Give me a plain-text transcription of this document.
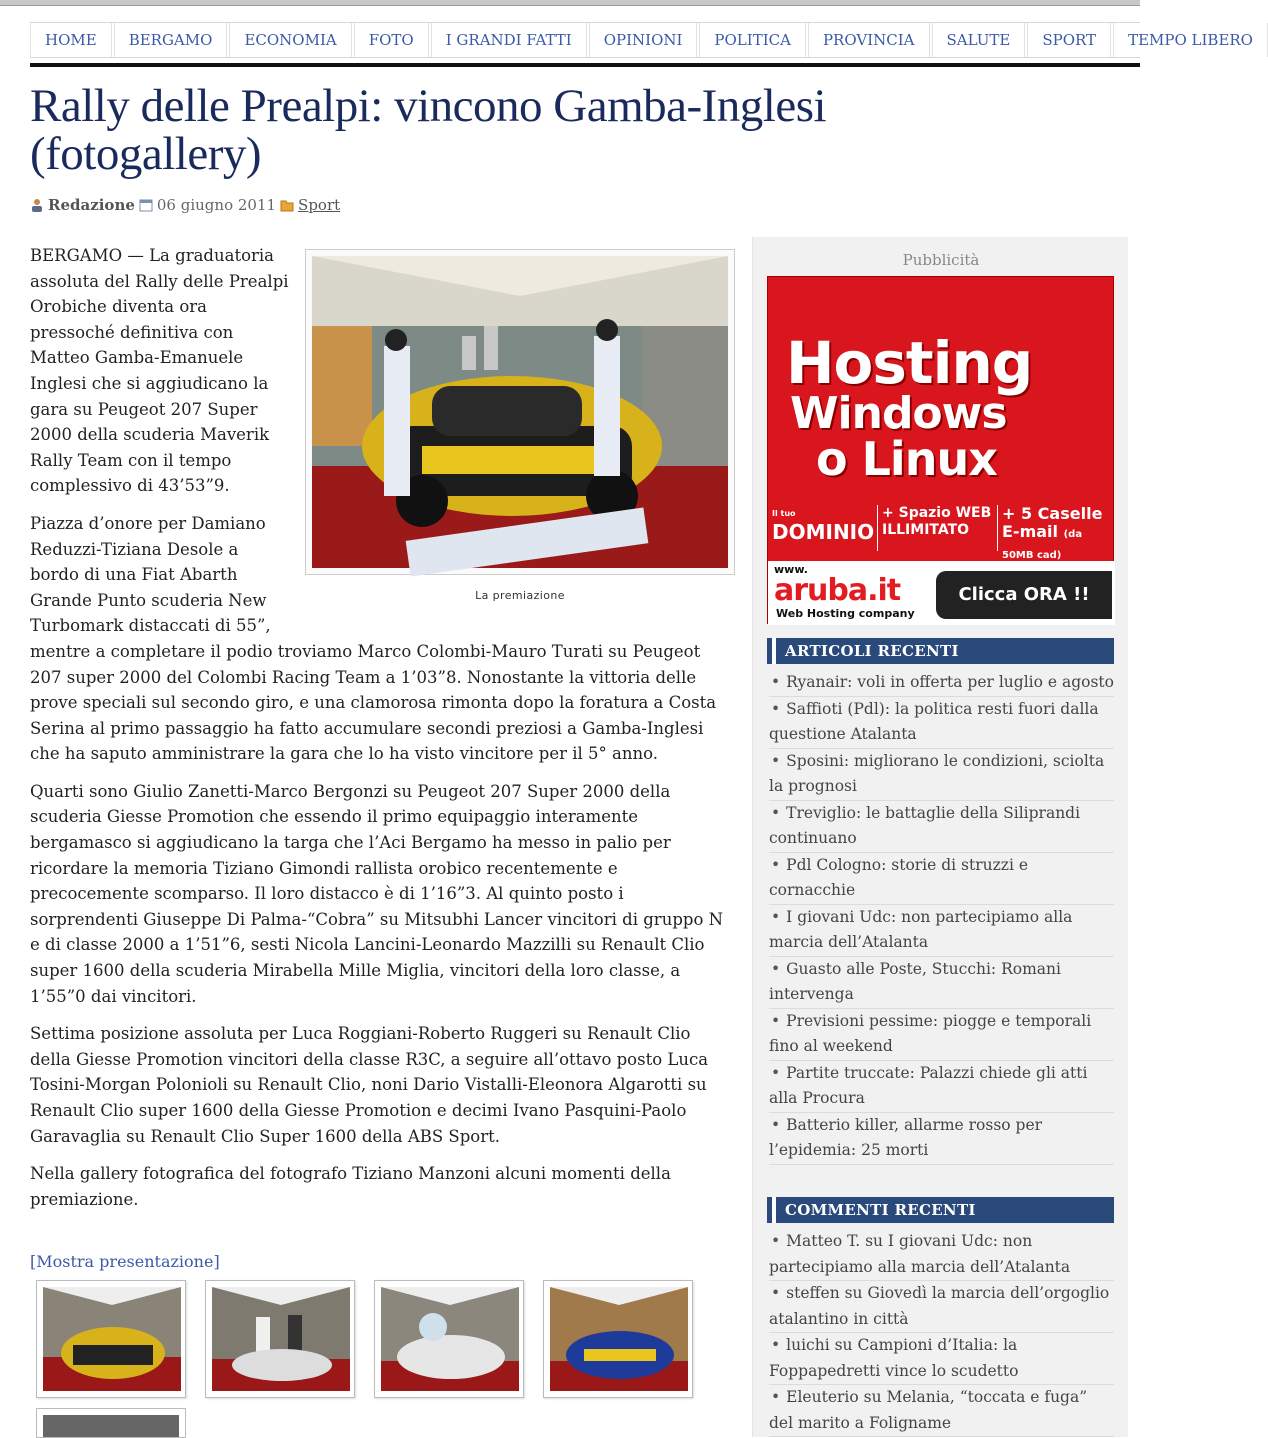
HOME	BERGAMO	ECONOMIA	FOTO	I GRANDI FATTI	OPINIONI	POLITICA	PROVINCIA	SALUTE	SPORT	TEMPO LIBERO
Rally delle Prealpi: vincono Gamba-Inglesi (fotogallery)
Redazione 06 giugno 2011 Sport
La premiazione

BERGAMO — La graduatoria assoluta del Rally delle Prealpi Orobiche diventa ora pressoché definitiva con Matteo Gamba-Emanuele Inglesi che si aggiudicano la gara su Peugeot 207 Super 2000 della scuderia Maverik Rally Team con il tempo complessivo di 43’53”9.

Piazza d’onore per Damiano Reduzzi-Tiziana Desole a bordo di una Fiat Abarth Grande Punto scuderia New Turbomark distaccati di 55”, mentre a completare il podio troviamo Marco Colombi-Mauro Turati su Peugeot 207 super 2000 del Colombi Racing Team a 1’03”8. Nonostante la vittoria delle prove speciali sul secondo giro, e una clamorosa rimonta dopo la foratura a Costa Serina al primo passaggio ha fatto accumulare secondi preziosi a Gamba-Inglesi che ha saputo amministrare la gara che lo ha visto vincitore per il 5° anno.

Quarti sono Giulio Zanetti-Marco Bergonzi su Peugeot 207 Super 2000 della scuderia Giesse Promotion che essendo il primo equipaggio interamente bergamasco si aggiudicano la targa che l’Aci Bergamo ha messo in palio per ricordare la memoria Tiziano Gimondi rallista orobico recentemente e precocemente scomparso. Il loro distacco è di 1’16”3. Al quinto posto i sorprendenti Giuseppe Di Palma-“Cobra” su Mitsubhi Lancer vincitori di gruppo N e di classe 2000 a 1’51”6, sesti Nicola Lancini-Leonardo Mazzilli su Renault Clio super 1600 della scuderia Mirabella Mille Miglia, vincitori della loro classe, a 1’55”0 dai vincitori.

Settima posizione assoluta per Luca Roggiani-Roberto Ruggeri su Renault Clio della Giesse Promotion vincitori della classe R3C, a seguire all’ottavo posto Luca Tosini-Morgan Polonioli su Renault Clio, noni Dario Vistalli-Eleonora Algarotti su Renault Clio super 1600 della Giesse Promotion e decimi Ivano Pasquini-Paolo Garavaglia su Renault Clio Super 1600 della ABS Sport.

Nella gallery fotografica del fotografo Tiziano Manzoni alcuni momenti della premiazione.

[Mostra presentazione]
Pubblicità
Hosting
Windows
o Linux
Il tuo
DOMINIO
+ Spazio WEB
ILLIMITATO
+ 5 Caselle
E-mail (da 50MB cad)
www.
aruba.it
Web Hosting company
Clicca ORA !!
ARTICOLI RECENTI
• Ryanair: voli in offerta per luglio e agosto
• Saffioti (Pdl): la politica resti fuori dalla questione Atalanta
• Sposini: migliorano le condizioni, sciolta la prognosi
• Treviglio: le battaglie della Siliprandi continuano
• Pdl Cologno: storie di struzzi e cornacchie
• I giovani Udc: non partecipiamo alla marcia dell’Atalanta
• Guasto alle Poste, Stucchi: Romani intervenga
• Previsioni pessime: piogge e temporali fino al weekend
• Partite truccate: Palazzi chiede gli atti alla Procura
• Batterio killer, allarme rosso per l’epidemia: 25 morti
COMMENTI RECENTI
• Matteo T. su I giovani Udc: non partecipiamo alla marcia dell’Atalanta
• steffen su Giovedì la marcia dell’orgoglio atalantino in città
• luichi su Campioni d’Italia: la Foppapedretti vince lo scudetto
• Eleuterio su Melania, “toccata e fuga” del marito a Foligname
